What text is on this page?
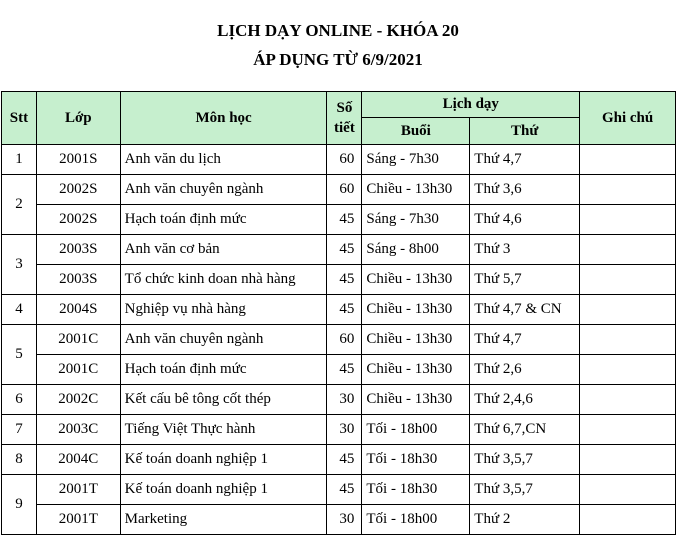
LỊCH DẠY ONLINE - KHÓA 20
ÁP DỤNG TỪ 6/9/2021
Stt	Lớp	Môn học	Số tiết	Lịch dạy		Ghi chú
				Buổi	Thứ	
1	2001S	Anh văn du lịch	60	Sáng - 7h30	Thứ 4,7	
2	2002S	Anh văn chuyên ngành	60	Chiều - 13h30	Thứ 3,6	
	2002S	Hạch toán định mức	45	Sáng - 7h30	Thứ 4,6	
3	2003S	Anh văn cơ bản	45	Sáng - 8h00	Thứ 3	
	2003S	Tổ chức kinh doan nhà hàng	45	Chiều - 13h30	Thứ 5,7	
4	2004S	Nghiệp vụ nhà hàng	45	Chiều - 13h30	Thứ 4,7 & CN	
5	2001C	Anh văn chuyên ngành	60	Chiều - 13h30	Thứ 4,7	
	2001C	Hạch toán định mức	45	Chiều - 13h30	Thứ 2,6	
6	2002C	Kết cấu bê tông cốt thép	30	Chiều - 13h30	Thứ 2,4,6	
7	2003C	Tiếng Việt Thực hành	30	Tối - 18h00	Thứ 6,7,CN	
8	2004C	Kế toán doanh nghiệp 1	45	Tối - 18h30	Thứ 3,5,7	
9	2001T	Kế toán doanh nghiệp 1	45	Tối - 18h30	Thứ 3,5,7	
	2001T	Marketing	30	Tối - 18h00	Thứ 2	
